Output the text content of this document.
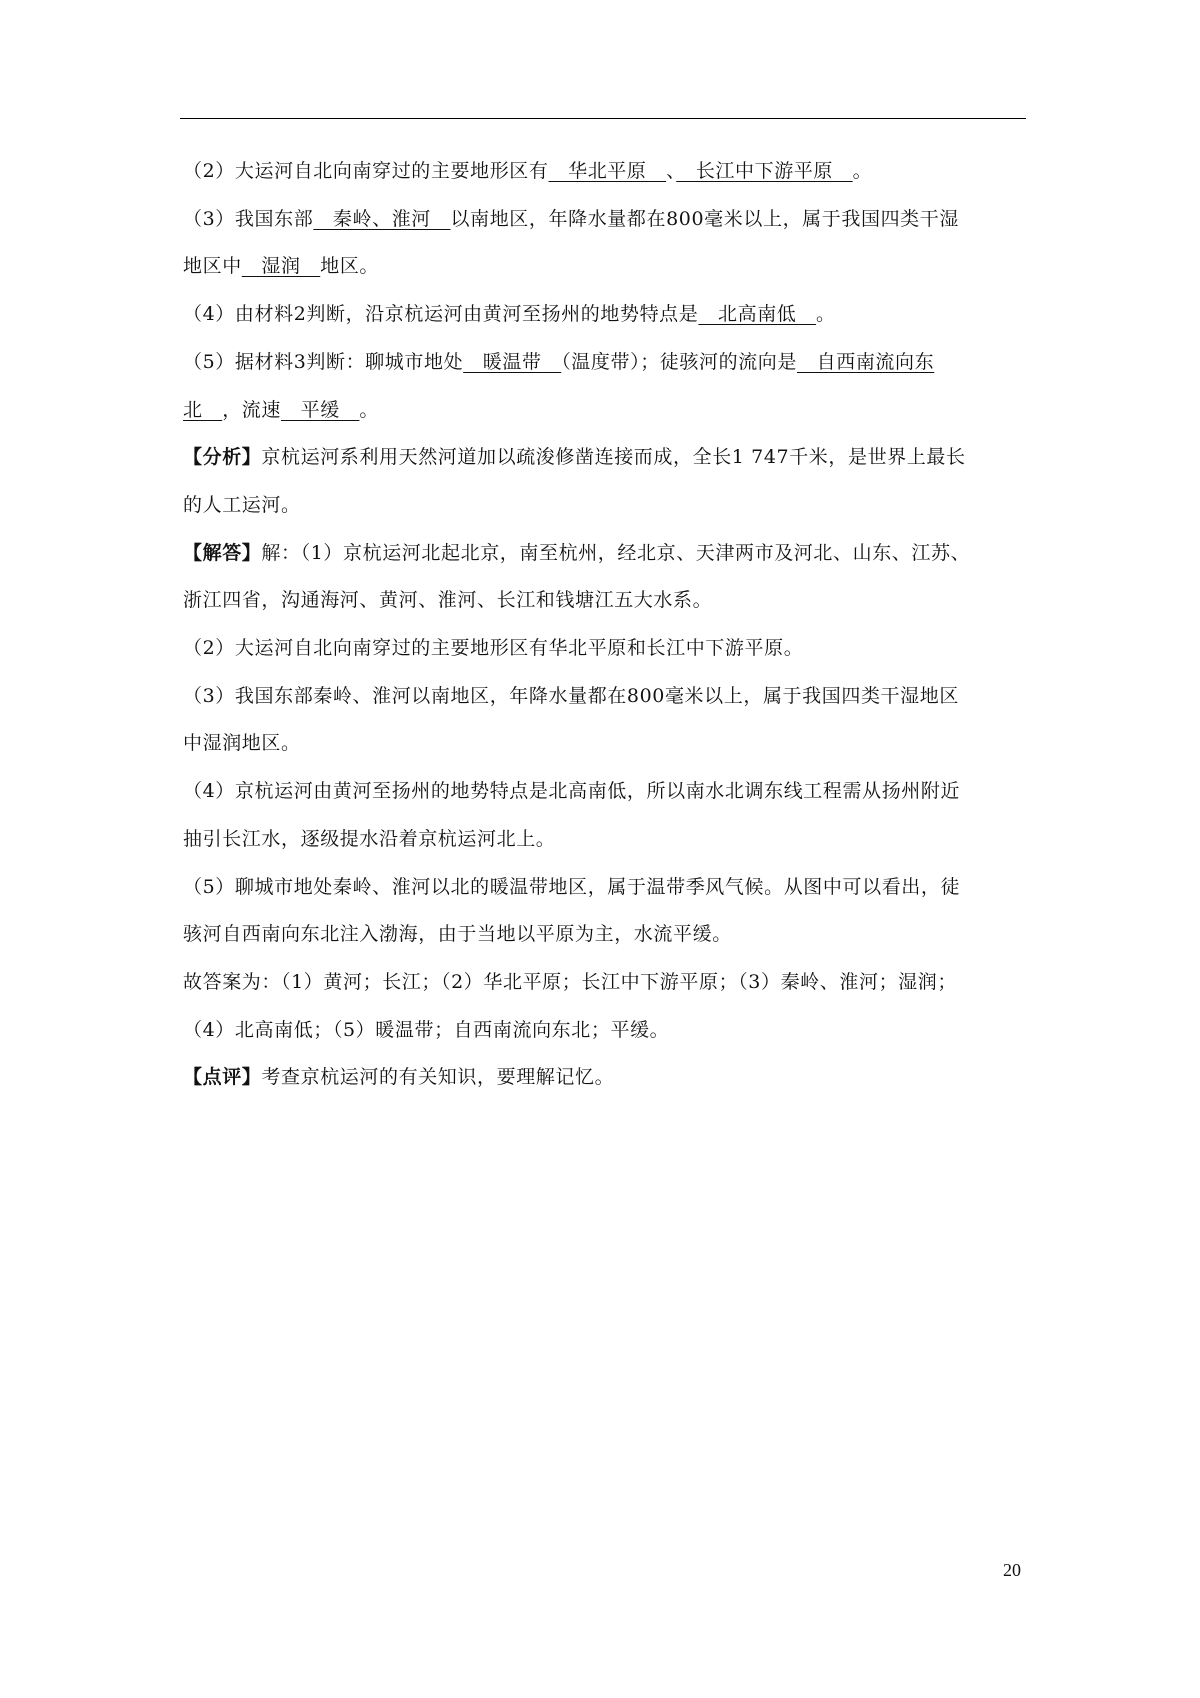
（2）大运河自北向南穿过的主要地形区有　华北平原　、　长江中下游平原　。

（3）我国东部　秦岭、淮河　以南地区，年降水量都在800毫米以上，属于我国四类干湿

地区中　湿润　地区。

（4）由材料2判断，沿京杭运河由黄河至扬州的地势特点是　北高南低　。

（5）据材料3判断：聊城市地处　暖温带　（温度带）；徒骇河的流向是　自西南流向东

北　，流速　平缓　。

【分析】京杭运河系利用天然河道加以疏浚修凿连接而成，全长1 747千米，是世界上最长

的人工运河。

【解答】解：（1）京杭运河北起北京，南至杭州，经北京、天津两市及河北、山东、江苏、

浙江四省，沟通海河、黄河、淮河、长江和钱塘江五大水系。

（2）大运河自北向南穿过的主要地形区有华北平原和长江中下游平原。

（3）我国东部秦岭、淮河以南地区，年降水量都在800毫米以上，属于我国四类干湿地区

中湿润地区。

（4）京杭运河由黄河至扬州的地势特点是北高南低，所以南水北调东线工程需从扬州附近

抽引长江水，逐级提水沿着京杭运河北上。

（5）聊城市地处秦岭、淮河以北的暖温带地区，属于温带季风气候。从图中可以看出，徒

骇河自西南向东北注入渤海，由于当地以平原为主，水流平缓。

故答案为：（1）黄河；长江；（2）华北平原；长江中下游平原；（3）秦岭、淮河；湿润；

（4）北高南低；（5）暖温带；自西南流向东北；平缓。

【点评】考查京杭运河的有关知识，要理解记忆。

20
